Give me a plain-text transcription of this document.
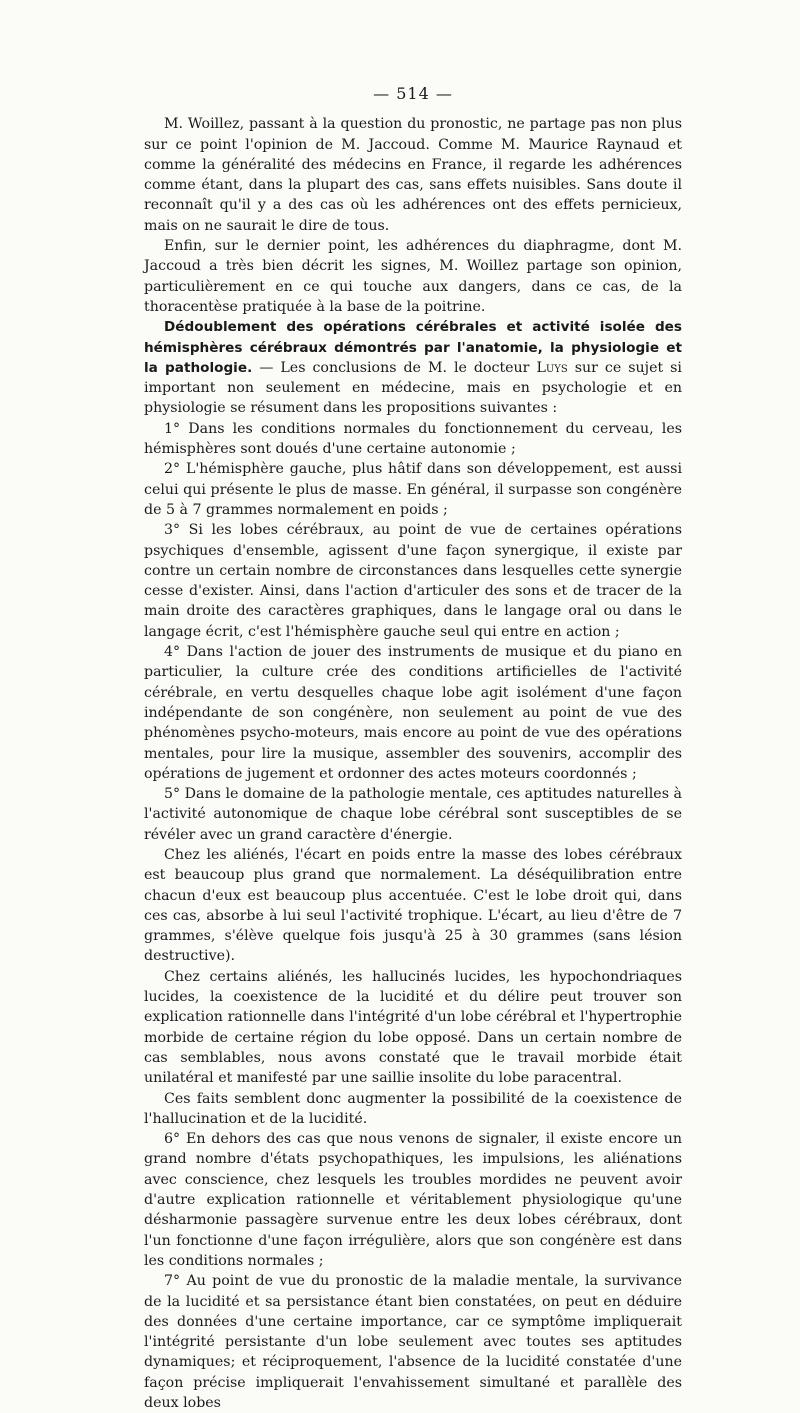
— 514 —

M. Woillez, passant à la question du pronostic, ne partage pas non plus sur ce point l'opinion de M. Jaccoud. Comme M. Maurice Raynaud et comme la généralité des médecins en France, il regarde les adhérences comme étant, dans la plupart des cas, sans effets nuisibles. Sans doute il reconnaît qu'il y a des cas où les adhérences ont des effets pernicieux, mais on ne saurait le dire de tous.

Enfin, sur le dernier point, les adhérences du diaphragme, dont M. Jaccoud a très bien décrit les signes, M. Woillez partage son opinion, particulièrement en ce qui touche aux dangers, dans ce cas, de la thoracentèse pratiquée à la base de la poitrine.

Dédoublement des opérations cérébrales et activité isolée des hémisphères cérébraux démontrés par l'anatomie, la physiologie et la pathologie. — Les conclusions de M. le docteur Luys sur ce sujet si important non seulement en médecine, mais en psychologie et en physiologie se résument dans les propositions suivantes :

1° Dans les conditions normales du fonctionnement du cerveau, les hémisphères sont doués d'une certaine autonomie ;

2° L'hémisphère gauche, plus hâtif dans son développement, est aussi celui qui présente le plus de masse. En général, il surpasse son congénère de 5 à 7 grammes normalement en poids ;

3° Si les lobes cérébraux, au point de vue de certaines opérations psychiques d'ensemble, agissent d'une façon synergique, il existe par contre un certain nombre de circonstances dans lesquelles cette synergie cesse d'exister. Ainsi, dans l'action d'articuler des sons et de tracer de la main droite des caractères graphiques, dans le langage oral ou dans le langage écrit, c'est l'hémisphère gauche seul qui entre en action ;

4° Dans l'action de jouer des instruments de musique et du piano en particulier, la culture crée des conditions artificielles de l'activité cérébrale, en vertu desquelles chaque lobe agit isolément d'une façon indépendante de son congénère, non seulement au point de vue des phénomènes psycho-moteurs, mais encore au point de vue des opérations mentales, pour lire la musique, assembler des souvenirs, accomplir des opérations de jugement et ordonner des actes moteurs coordonnés ;

5° Dans le domaine de la pathologie mentale, ces aptitudes naturelles à l'activité autonomique de chaque lobe cérébral sont susceptibles de se révéler avec un grand caractère d'énergie.

Chez les aliénés, l'écart en poids entre la masse des lobes cérébraux est beaucoup plus grand que normalement. La déséquilibration entre chacun d'eux est beaucoup plus accentuée. C'est le lobe droit qui, dans ces cas, absorbe à lui seul l'activité trophique. L'écart, au lieu d'être de 7 grammes, s'élève quelque fois jusqu'à 25 à 30 grammes (sans lésion destructive).

Chez certains aliénés, les hallucinés lucides, les hypochondriaques lucides, la coexistence de la lucidité et du délire peut trouver son explication rationnelle dans l'intégrité d'un lobe cérébral et l'hypertrophie morbide de certaine région du lobe opposé. Dans un certain nombre de cas semblables, nous avons constaté que le travail morbide était unilatéral et manifesté par une saillie insolite du lobe paracentral.

Ces faits semblent donc augmenter la possibilité de la coexistence de l'hallucination et de la lucidité.

6° En dehors des cas que nous venons de signaler, il existe encore un grand nombre d'états psychopathiques, les impulsions, les aliénations avec conscience, chez lesquels les troubles mordides ne peuvent avoir d'autre explication rationnelle et véritablement physiologique qu'une désharmonie passagère survenue entre les deux lobes cérébraux, dont l'un fonctionne d'une façon irrégulière, alors que son congénère est dans les conditions normales ;

7° Au point de vue du pronostic de la maladie mentale, la survivance de la lucidité et sa persistance étant bien constatées, on peut en déduire des données d'une certaine importance, car ce symptôme impliquerait l'intégrité persistante d'un lobe seulement avec toutes ses aptitudes dynamiques; et réciproquement, l'absence de la lucidité constatée d'une façon précise impliquerait l'envahissement simultané et parallèle des deux lobes
